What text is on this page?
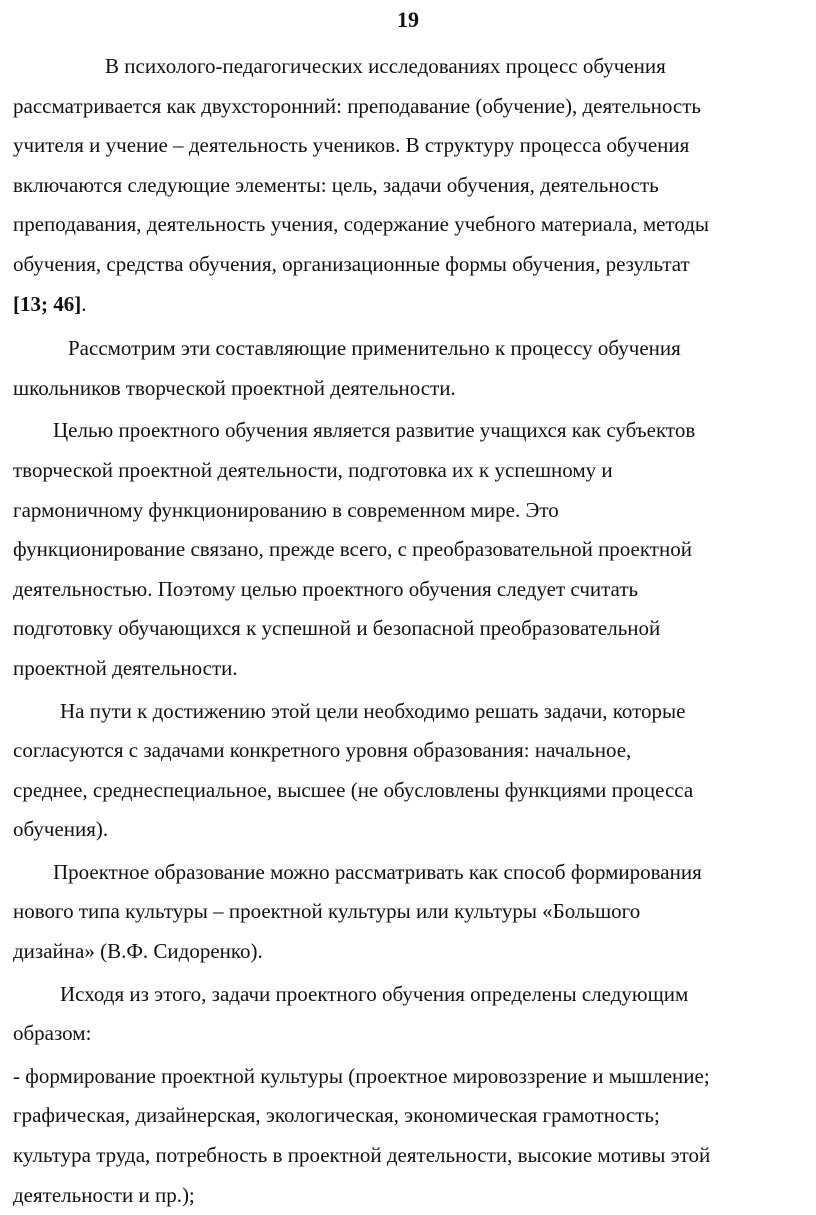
19

В психолого-педагогических исследованиях процесс обучения
рассматривается как двухсторонний: преподавание (обучение), деятельность
учителя и учение – деятельность учеников. В структуру процесса обучения
включаются следующие элементы: цель, задачи обучения, деятельность
преподавания, деятельность учения, содержание учебного материала, методы
обучения, средства обучения, организационные формы обучения, результат
[13; 46].

Рассмотрим эти составляющие применительно к процессу обучения
школьников творческой проектной деятельности.

Целью проектного обучения является развитие учащихся как субъектов
творческой проектной деятельности, подготовка их к успешному и
гармоничному функционированию в современном мире. Это
функционирование связано, прежде всего, с преобразовательной проектной
деятельностью. Поэтому целью проектного обучения следует считать
подготовку обучающихся к успешной и безопасной преобразовательной
проектной деятельности.

На пути к достижению этой цели необходимо решать задачи, которые
согласуются с задачами конкретного уровня образования: начальное,
среднее, среднеспециальное, высшее (не обусловлены функциями процесса
обучения).

Проектное образование можно рассматривать как способ формирования
нового типа культуры – проектной культуры или культуры «Большого
дизайна» (В.Ф. Сидоренко).

Исходя из этого, задачи проектного обучения определены следующим
образом:

- формирование проектной культуры (проектное мировоззрение и мышление;
графическая, дизайнерская, экологическая, экономическая грамотность;
культура труда, потребность в проектной деятельности, высокие мотивы этой
деятельности и пр.);
